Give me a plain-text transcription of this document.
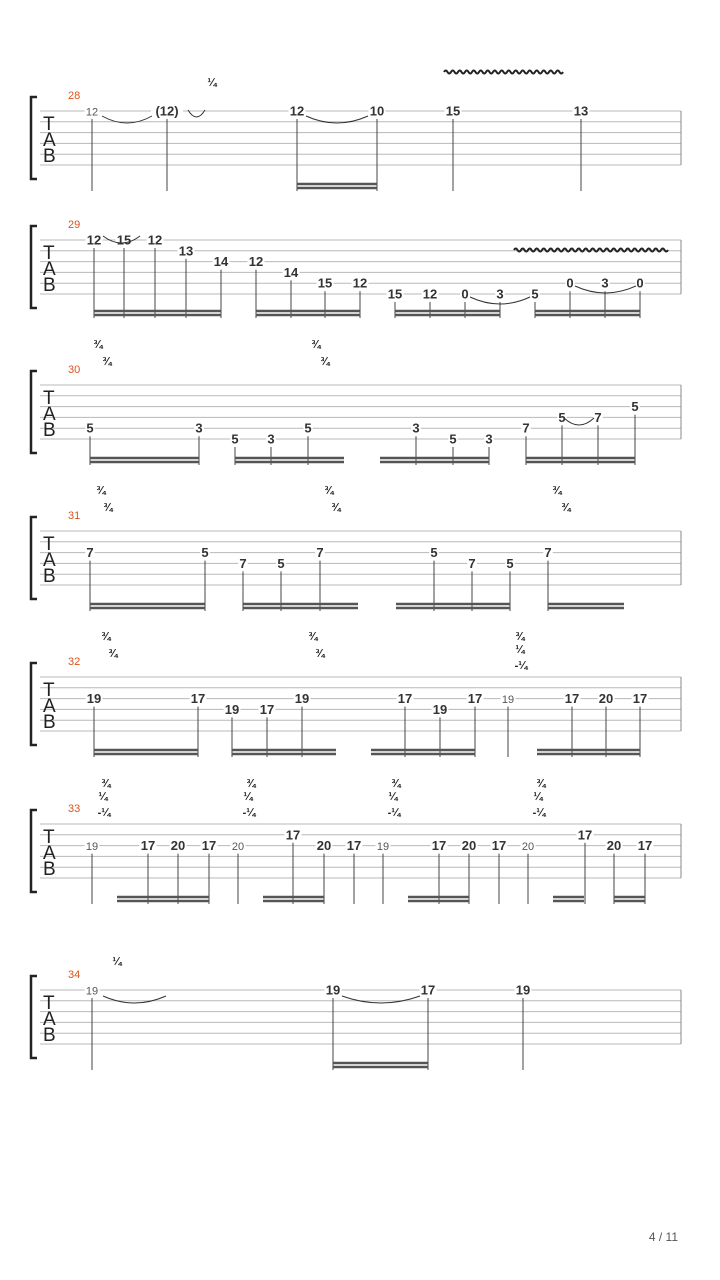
T
A
B
28
12	(12)	12	10	15	13
¼
T
A
B
29
12 15 12
13
14 12
14
15 12
15 12 0 3 5
0 3 0
T
A
B
30
5	3
5 3
5	3
5 3
7
5 7
5
¾
¾
¾
¾
T
A
B
31
7	5
7 5
7	5
7 5
7
¾
¾
¾
¾
¾
¾
T
A
B
32
19	17
19 17
19	17
19
17 19	17 20 17
¾
¾
¾
¾
¾
¼
-¼
T
A
B
33
19	17 20 17 20
17
20 17 19	17 20 17 20
17
20 17
¾
¼
-¼
¾
¼
-¼
¾
¼
-¼
¾
¼
-¼
T
A
B
34
19	19	17	19
¼
4 / 11
